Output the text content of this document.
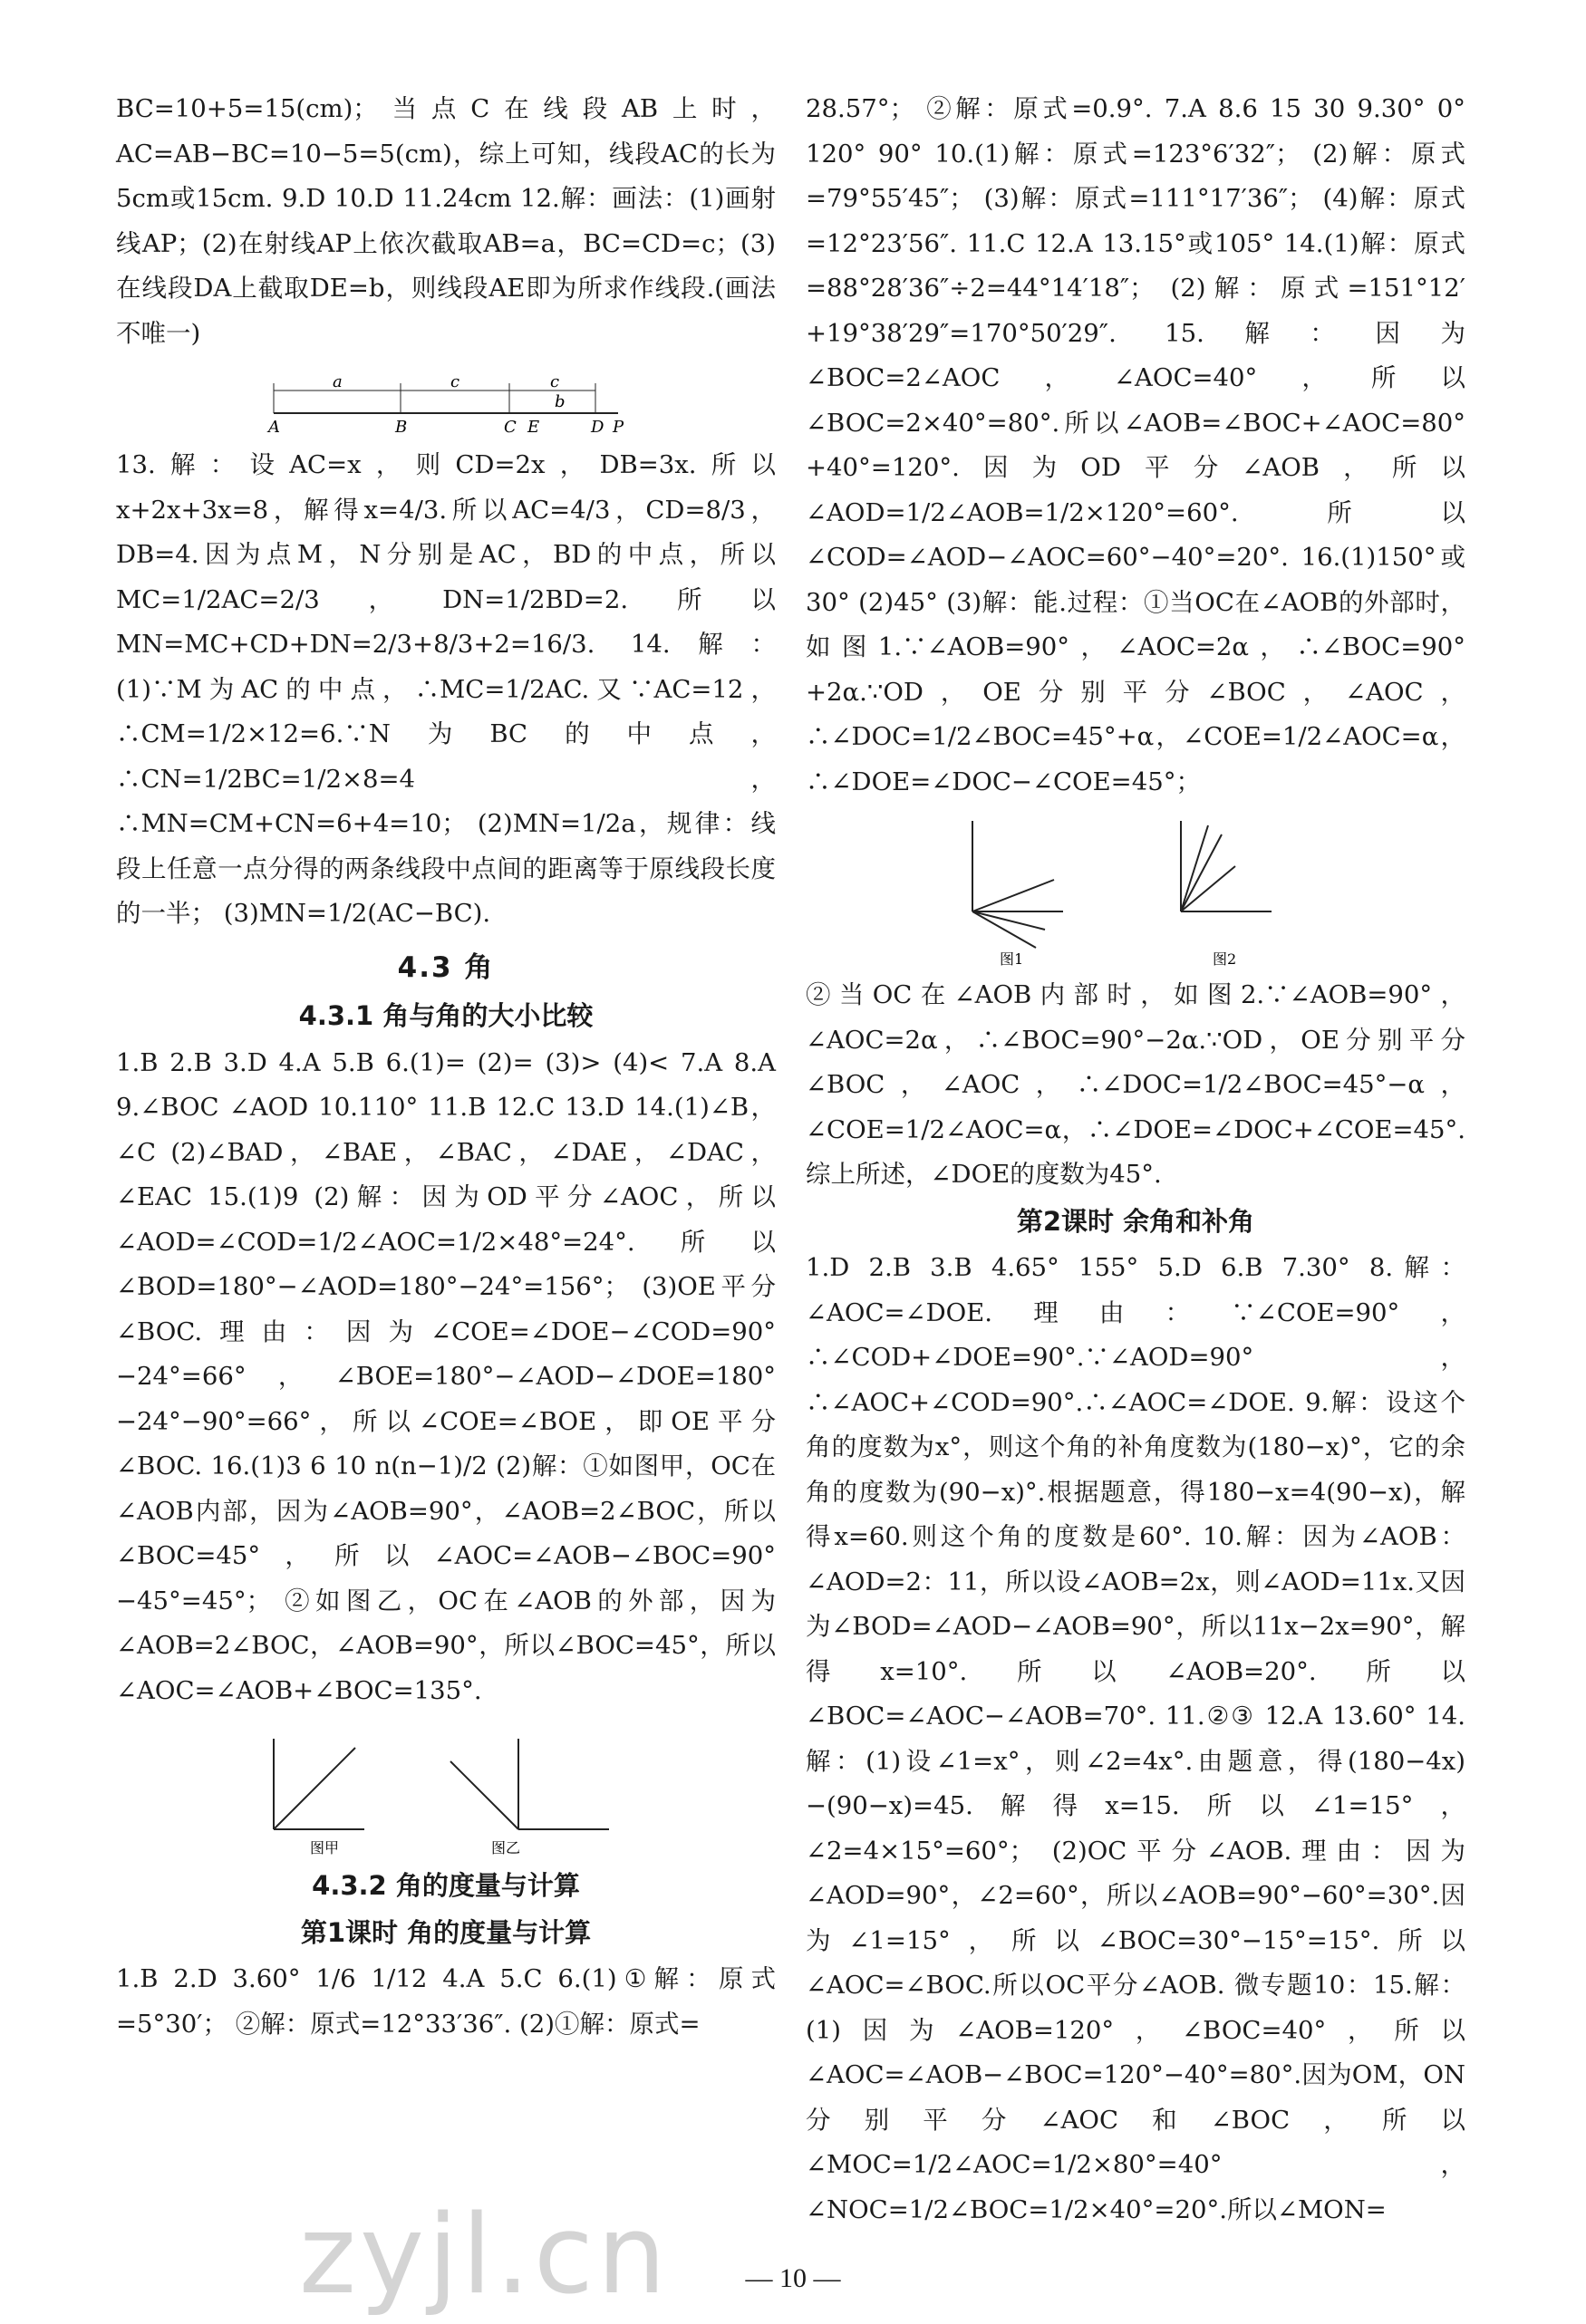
BC=10+5=15(cm)；当点C在线段AB上时，AC=AB−BC=10−5=5(cm)，综上可知，线段AC的长为5cm或15cm. 9.D 10.D 11.24cm 12.解：画法：(1)画射线AP；(2)在射线AP上依次截取AB=a，BC=CD=c；(3)在线段DA上截取DE=b，则线段AE即为所求作线段.(画法不唯一)

a	c	c
b
A	B	C E	D P

13.解：设AC=x，则CD=2x，DB=3x.所以x+2x+3x=8，解得x=4/3.所以AC=4/3，CD=8/3，DB=4.因为点M，N分别是AC，BD的中点，所以MC=1/2AC=2/3，DN=1/2BD=2.所以MN=MC+CD+DN=2/3+8/3+2=16/3. 14.解：(1)∵M为AC的中点，∴MC=1/2AC.又∵AC=12，∴CM=1/2×12=6.∵N为BC的中点，∴CN=1/2BC=1/2×8=4，∴MN=CM+CN=6+4=10； (2)MN=1/2a，规律：线段上任意一点分得的两条线段中点间的距离等于原线段长度的一半； (3)MN=1/2(AC−BC).

4.3 角
4.3.1 角与角的大小比较

1.B 2.B 3.D 4.A 5.B 6.(1)= (2)= (3)> (4)< 7.A 8.A 9.∠BOC ∠AOD 10.110° 11.B 12.C 13.D 14.(1)∠B，∠C (2)∠BAD，∠BAE，∠BAC，∠DAE，∠DAC，∠EAC 15.(1)9 (2)解：因为OD平分∠AOC，所以∠AOD=∠COD=1/2∠AOC=1/2×48°=24°.所以∠BOD=180°−∠AOD=180°−24°=156°； (3)OE平分∠BOC.理由：因为∠COE=∠DOE−∠COD=90°−24°=66°，∠BOE=180°−∠AOD−∠DOE=180°−24°−90°=66°，所以∠COE=∠BOE，即OE平分∠BOC. 16.(1)3 6 10 n(n−1)/2 (2)解：①如图甲，OC在∠AOB内部，因为∠AOB=90°，∠AOB=2∠BOC，所以∠BOC=45°，所以∠AOC=∠AOB−∠BOC=90°−45°=45°； ②如图乙，OC在∠AOB的外部，因为∠AOB=2∠BOC，∠AOB=90°，所以∠BOC=45°，所以∠AOC=∠AOB+∠BOC=135°.

图甲	图乙
4.3.2 角的度量与计算
第1课时 角的度量与计算

1.B 2.D 3.60° 1/6 1/12 4.A 5.C 6.(1)①解：原式=5°30′； ②解：原式=12°33′36″. (2)①解：原式=

28.57°； ②解：原式=0.9°. 7.A 8.6 15 30 9.30° 0° 120° 90° 10.(1)解：原式=123°6′32″； (2)解：原式=79°55′45″； (3)解：原式=111°17′36″； (4)解：原式=12°23′56″. 11.C 12.A 13.15°或105° 14.(1)解：原式=88°28′36″÷2=44°14′18″； (2)解：原式=151°12′+19°38′29″=170°50′29″. 15.解：因为∠BOC=2∠AOC，∠AOC=40°，所以∠BOC=2×40°=80°.所以∠AOB=∠BOC+∠AOC=80°+40°=120°.因为OD平分∠AOB，所以∠AOD=1/2∠AOB=1/2×120°=60°.所以∠COD=∠AOD−∠AOC=60°−40°=20°. 16.(1)150°或30° (2)45° (3)解：能.过程：①当OC在∠AOB的外部时，如图1.∵∠AOB=90°，∠AOC=2α，∴∠BOC=90°+2α.∵OD，OE分别平分∠BOC，∠AOC，∴∠DOC=1/2∠BOC=45°+α，∠COE=1/2∠AOC=α，∴∠DOE=∠DOC−∠COE=45°；

图1	图2

②当OC在∠AOB内部时，如图2.∵∠AOB=90°，∠AOC=2α，∴∠BOC=90°−2α.∵OD，OE分别平分∠BOC，∠AOC，∴∠DOC=1/2∠BOC=45°−α，∠COE=1/2∠AOC=α，∴∠DOE=∠DOC+∠COE=45°.综上所述，∠DOE的度数为45°.

第2课时 余角和补角

1.D 2.B 3.B 4.65° 155° 5.D 6.B 7.30° 8.解：∠AOC=∠DOE.理由：∵∠COE=90°，∴∠COD+∠DOE=90°.∵∠AOD=90°，∴∠AOC+∠COD=90°.∴∠AOC=∠DOE. 9.解：设这个角的度数为x°，则这个角的补角度数为(180−x)°，它的余角的度数为(90−x)°.根据题意，得180−x=4(90−x)，解得x=60.则这个角的度数是60°. 10.解：因为∠AOB：∠AOD=2：11，所以设∠AOB=2x，则∠AOD=11x.又因为∠BOD=∠AOD−∠AOB=90°，所以11x−2x=90°，解得x=10°.所以∠AOB=20°.所以∠BOC=∠AOC−∠AOB=70°. 11.②③ 12.A 13.60° 14.解：(1)设∠1=x°，则∠2=4x°.由题意，得(180−4x)−(90−x)=45.解得x=15.所以∠1=15°，∠2=4×15°=60°； (2)OC平分∠AOB.理由：因为∠AOD=90°，∠2=60°，所以∠AOB=90°−60°=30°.因为∠1=15°，所以∠BOC=30°−15°=15°.所以∠AOC=∠BOC.所以OC平分∠AOB. 微专题10：15.解：(1)因为∠AOB=120°，∠BOC=40°，所以∠AOC=∠AOB−∠BOC=120°−40°=80°.因为OM，ON分别平分∠AOC和∠BOC，所以∠MOC=1/2∠AOC=1/2×80°=40°，∠NOC=1/2∠BOC=1/2×40°=20°.所以∠MON=

— 10 —
zyjl.cn
